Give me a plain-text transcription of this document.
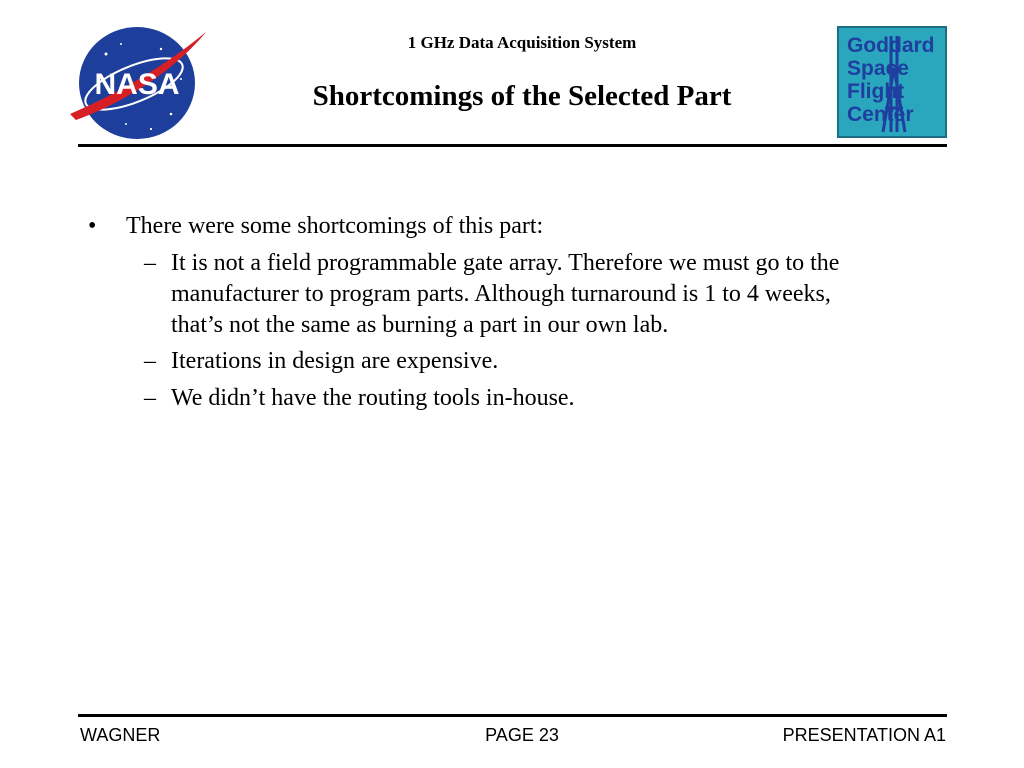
NASA
1 GHz Data Acquisition System
Shortcomings of the Selected Part
Goddard
Space
Flight
Center
• There were some shortcomings of this part:
– It is not a field programmable gate array. Therefore we must go to the
manufacturer to program parts. Although turnaround is 1 to 4 weeks,
that’s not the same as burning a part in our own lab.
– Iterations in design are expensive.
– We didn’t have the routing tools in-house.
WAGNER	PAGE 23	PRESENTATION A1
